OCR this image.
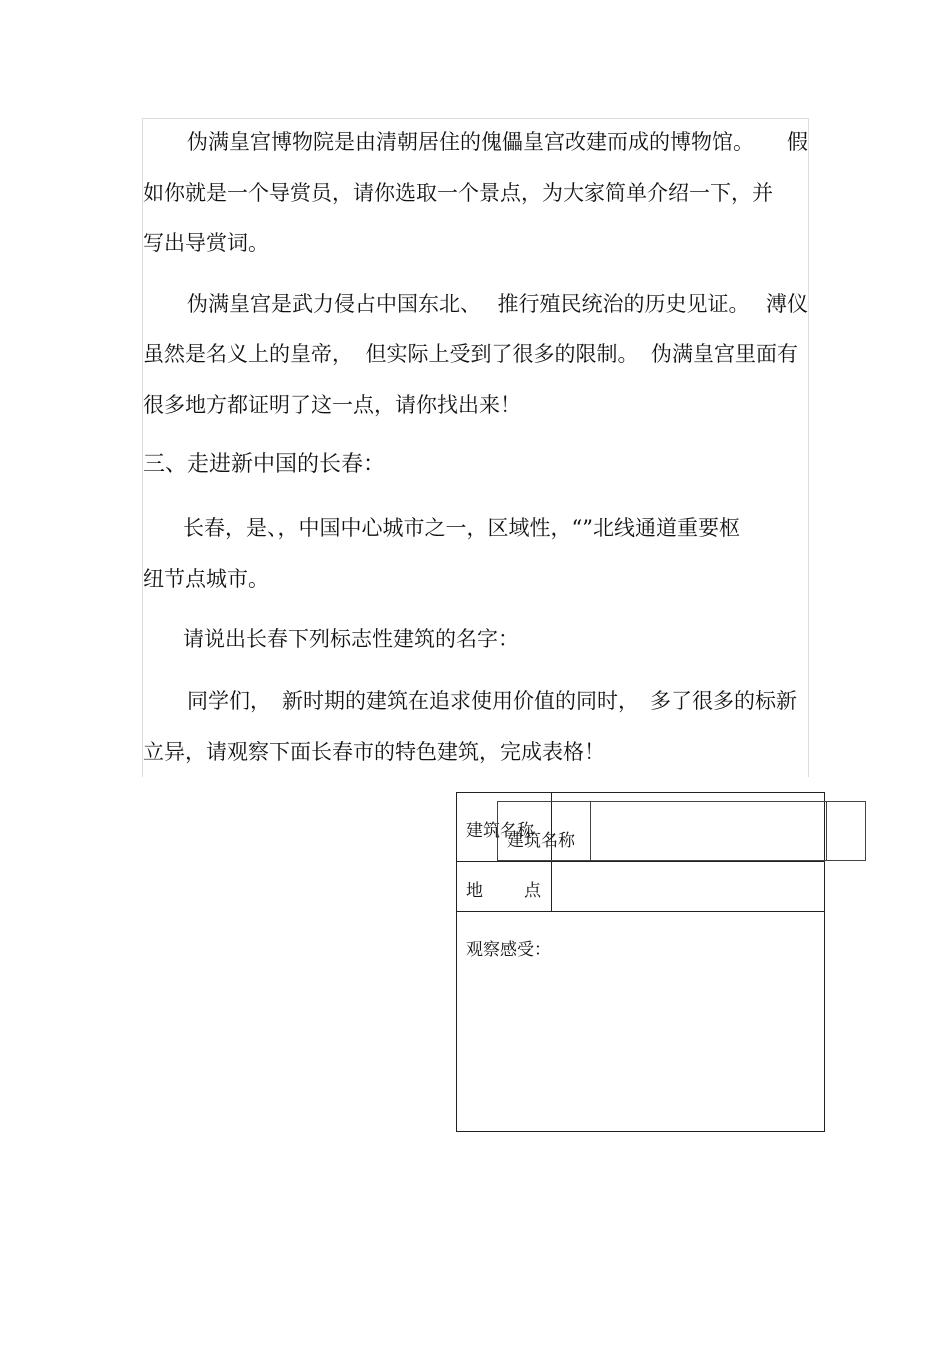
伪满皇宫博物院是由清朝居住的傀儡皇宫改建而成的博物馆。 假
如你就是一个导赏员，请你选取一个景点，为大家简单介绍一下，并
写出导赏词。
伪满皇宫是武力侵占中国东北、 推行殖民统治的历史见证。 溥仪
虽然是名义上的皇帝， 但实际上受到了很多的限制。 伪满皇宫里面有
很多地方都证明了这一点，请你找出来！
三、走进新中国的长春：
长春，是、，中国中心城市之一，区域性，“”北线通道重要枢
纽节点城市。
请说出长春下列标志性建筑的名字：
同学们， 新时期的建筑在追求使用价值的同时， 多了很多的标新
立异，请观察下面长春市的特色建筑，完成表格！
建筑名称
地 点
观察感受：
建筑名称
